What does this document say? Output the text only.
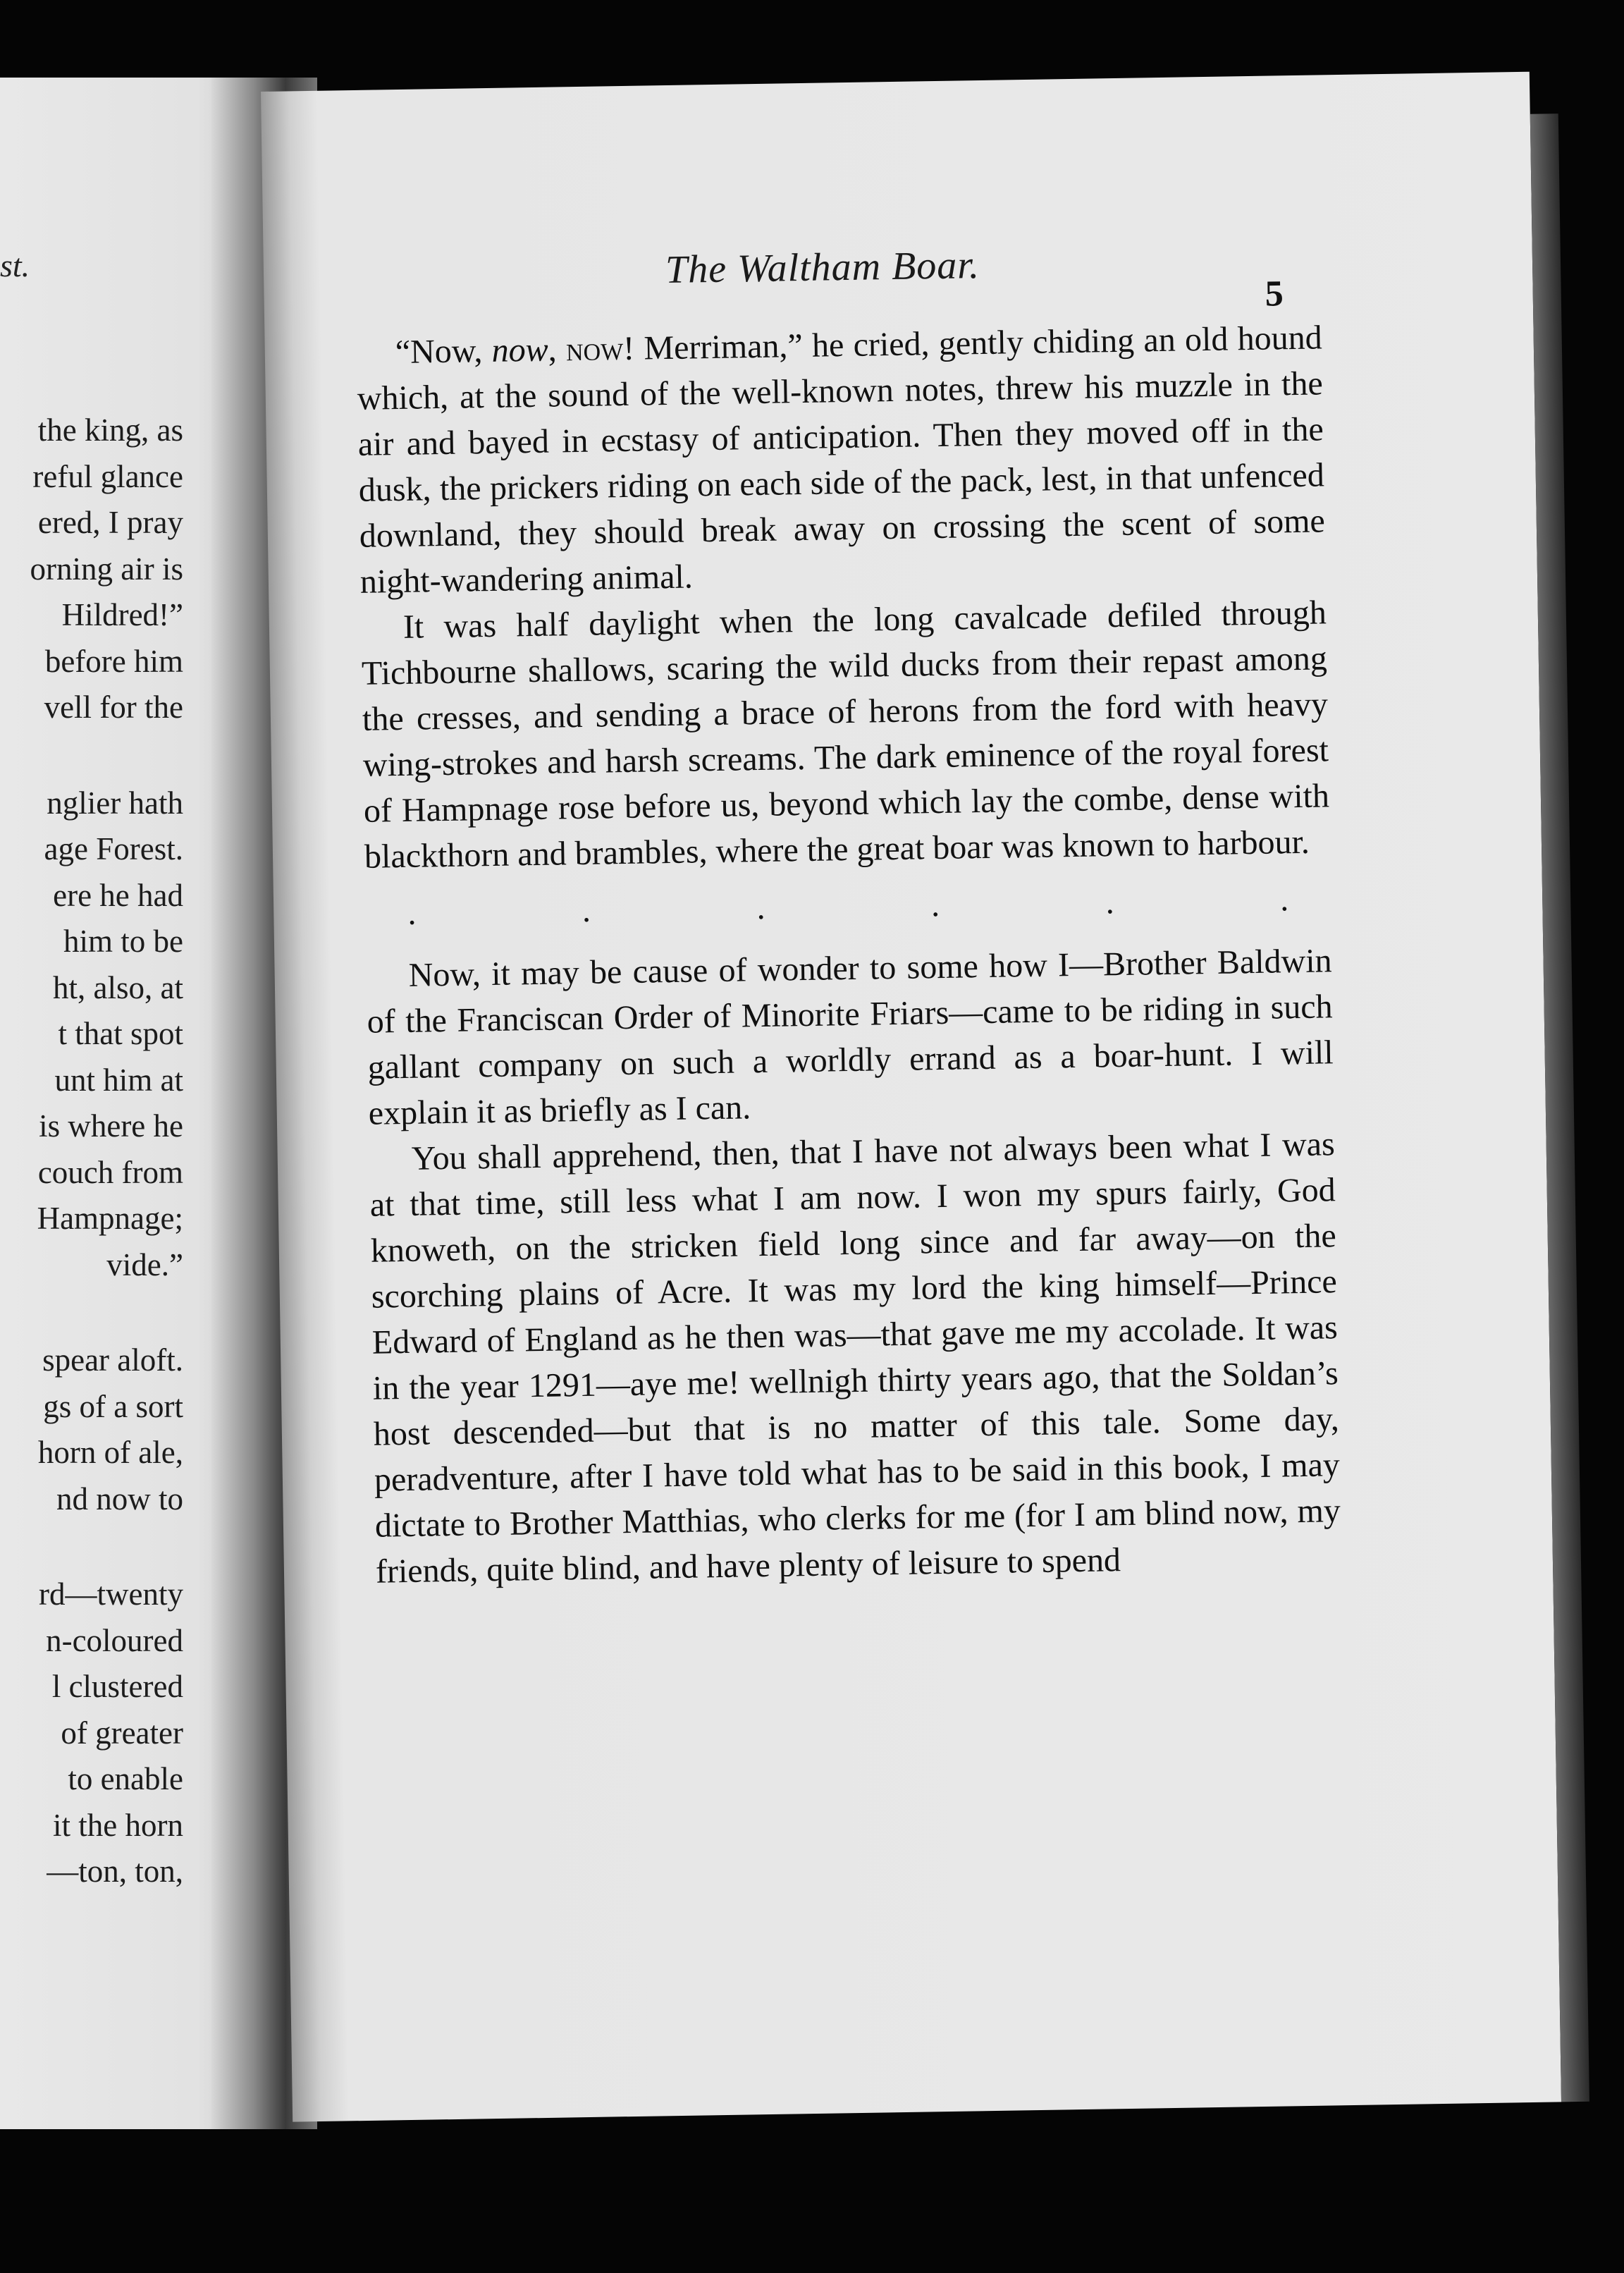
st.
the king, as
reful glance
ered, I pray
orning air is
Hildred!”
before him
vell for the
nglier hath
age Forest.
ere he had
him to be
ht, also, at
t that spot
unt him at
is where he
couch from
Hampnage;
vide.”
spear aloft.
gs of a sort
horn of ale,
nd now to
rd—twenty
n-coloured
l clustered
of greater
to enable
it the horn
—ton, ton,
The Waltham Boar.
5

“Now, now, now! Merriman,” he cried, gently chiding an old hound which, at the sound of the well-known notes, threw his muzzle in the air and bayed in ecstasy of anticipation. Then they moved off in the dusk, the prickers riding on each side of the pack, lest, in that unfenced downland, they should break away on crossing the scent of some night-wandering animal.

It was half daylight when the long cavalcade defiled through Tichbourne shallows, scaring the wild ducks from their repast among the cresses, and sending a brace of herons from the ford with heavy wing-strokes and harsh screams. The dark eminence of the royal forest of Hampnage rose before us, beyond which lay the combe, dense with blackthorn and brambles, where the great boar was known to harbour.

.	.	.	.	.	.

Now, it may be cause of wonder to some how I—Brother Baldwin of the Franciscan Order of Minorite Friars—came to be riding in such gallant company on such a worldly errand as a boar-hunt. I will explain it as briefly as I can.

You shall apprehend, then, that I have not always been what I was at that time, still less what I am now. I won my spurs fairly, God knoweth, on the stricken field long since and far away—on the scorching plains of Acre. It was my lord the king himself—Prince Edward of England as he then was—that gave me my accolade. It was in the year 1291—aye me! wellnigh thirty years ago, that the Soldan’s host descended—but that is no matter of this tale. Some day, peradventure, after I have told what has to be said in this book, I may dictate to Brother Matthias, who clerks for me (for I am blind now, my friends, quite blind, and have plenty of leisure to spend
